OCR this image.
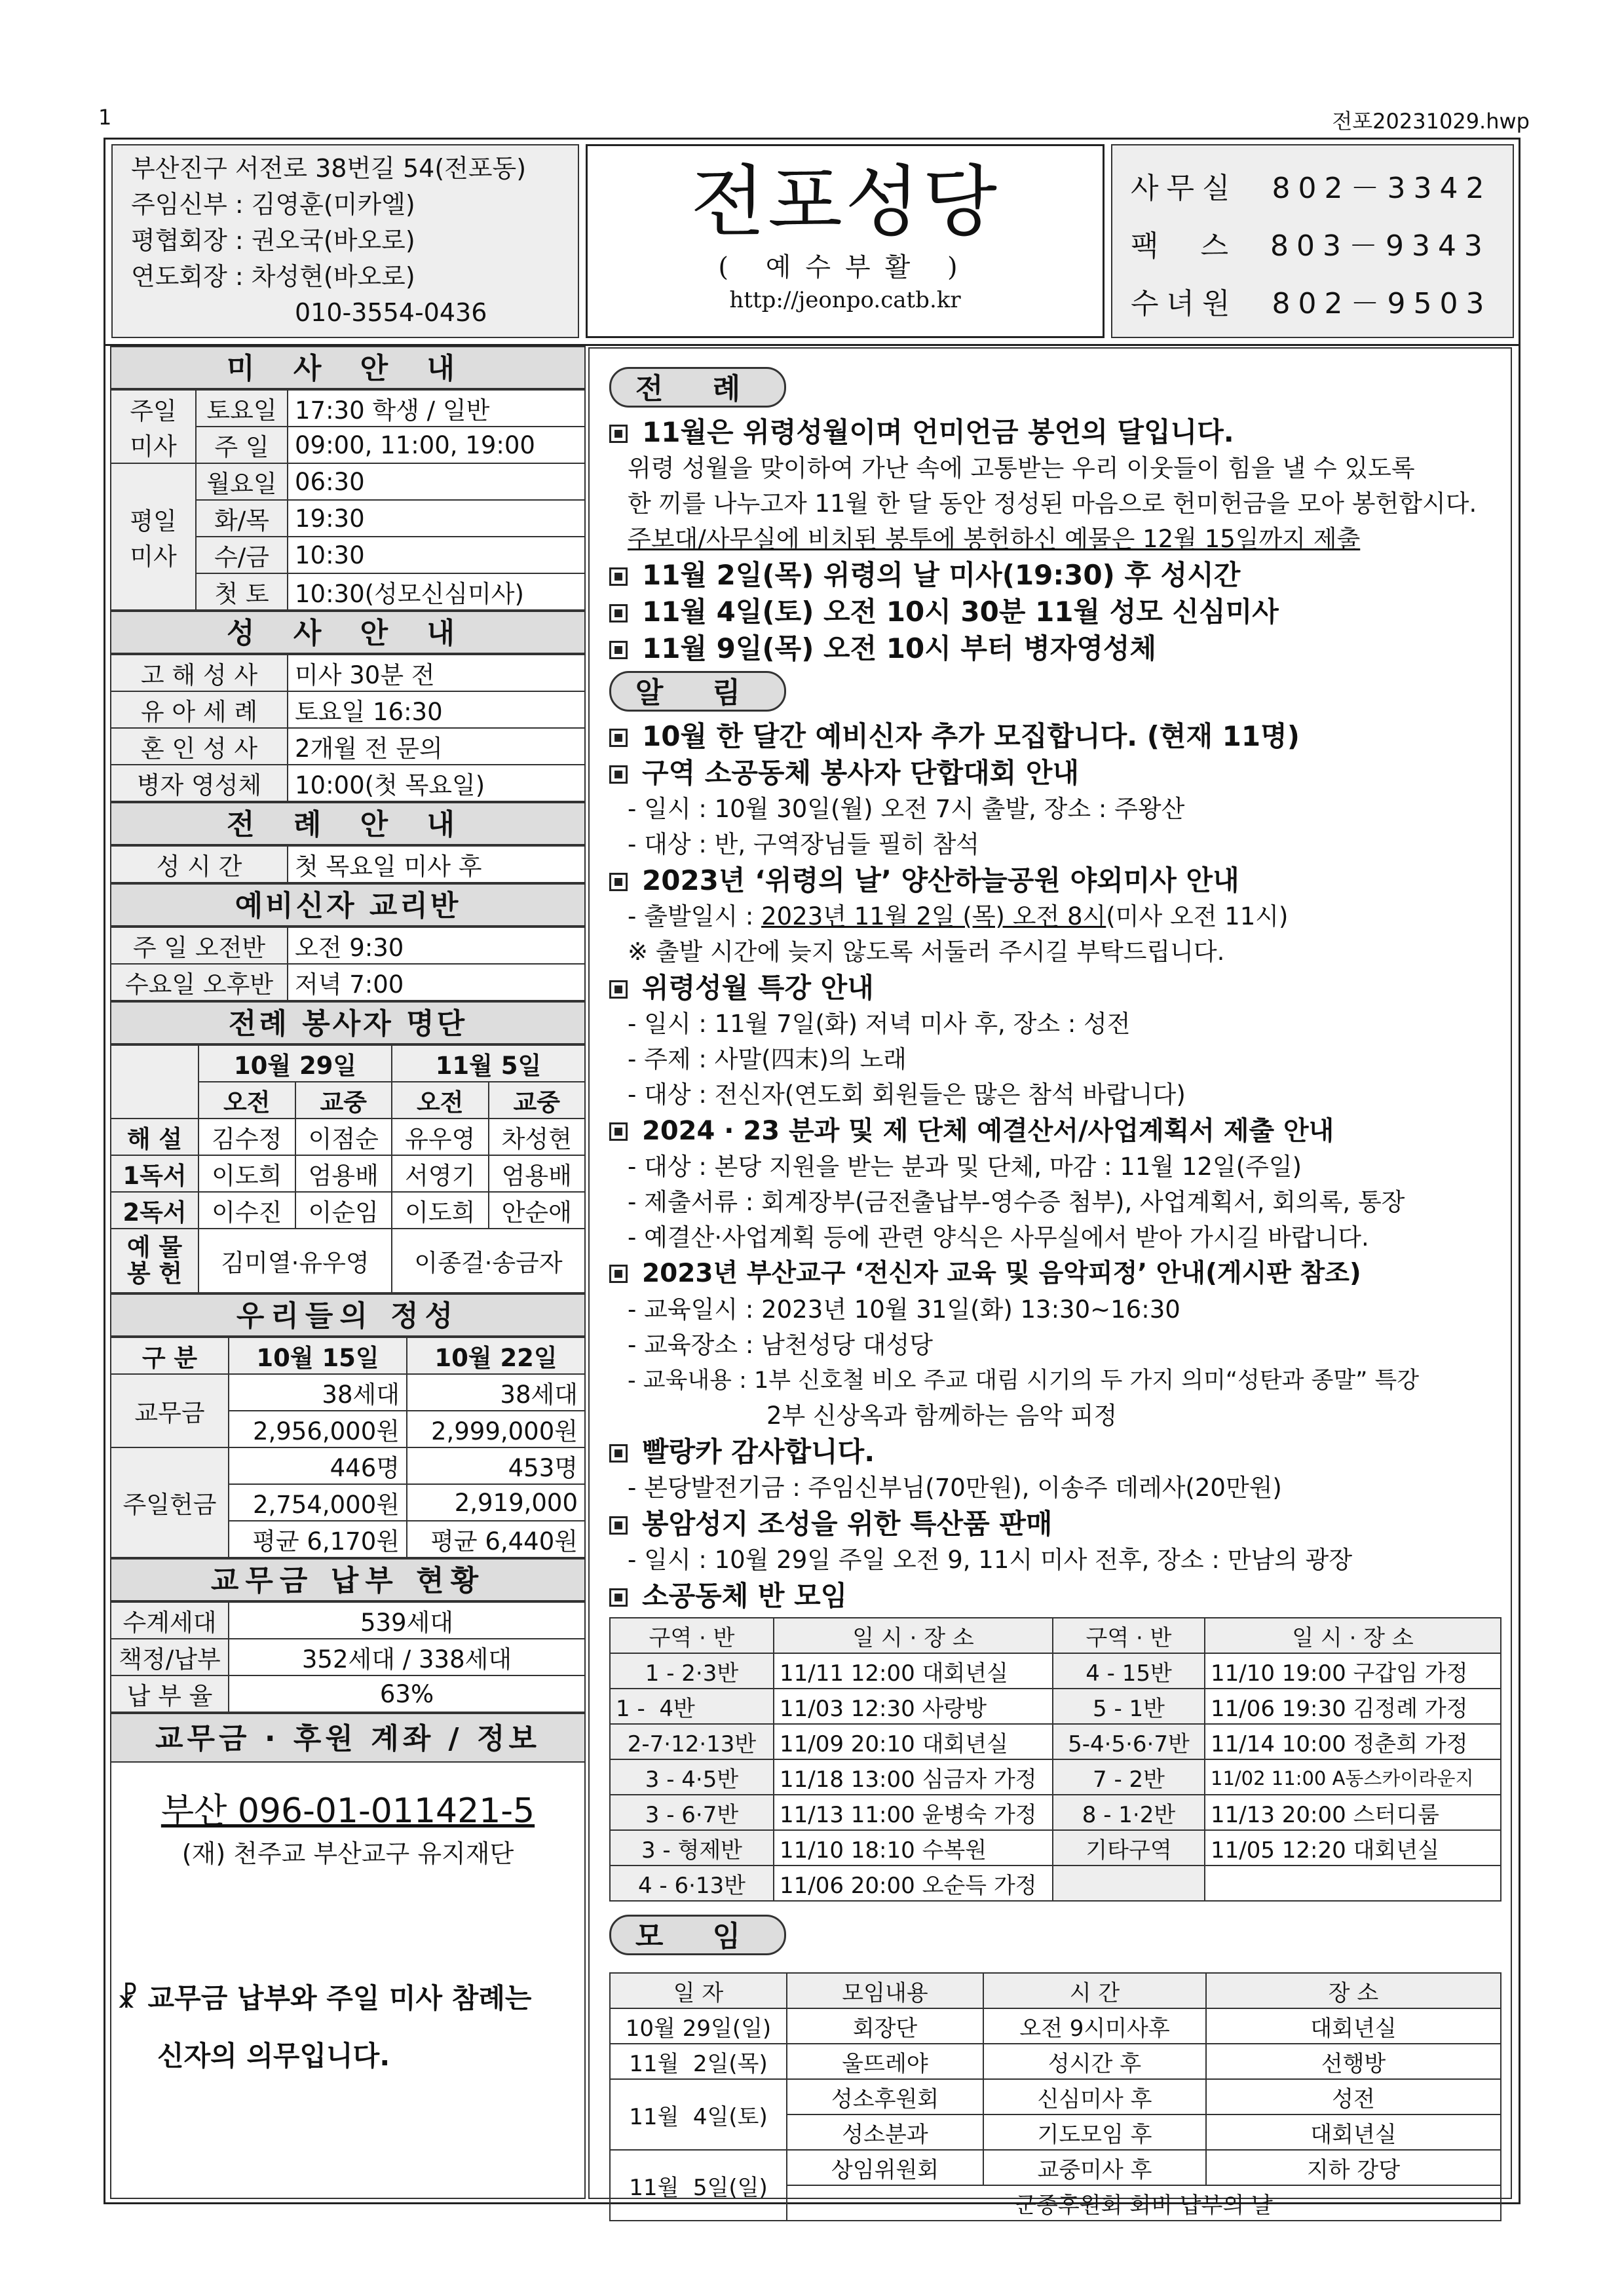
1	전포20231029.hwp
부산진구 서전로 38번길 54(전포동)
주임신부 : 김영훈(미카엘)
평협회장 : 권오국(바오로)
연도회장 : 차성현(바오로)
010-3554-0436
전포성당
( 예수부활 )
http://jeonpo.catb.kr
사무실 802－3342
팩  스 803－9343
수녀원 802－9503
미 사 안 내
주일
미사	토요일	17:30 학생 / 일반
	주 일	09:00, 11:00, 19:00

평일
미사	월요일	06:30
	화/목	19:30
	수/금	10:30
	첫 토	10:30(성모신심미사)
성 사 안 내
고 해 성 사	미사 30분 전
유 아 세 례	토요일 16:30
혼 인 성 사	2개월 전 문의
병자 영성체	10:00(첫 목요일)
전 례 안 내
성 시 간	첫 목요일 미사 후
예비신자 교리반
주 일 오전반	오전 9:30
수요일 오후반	저녁 7:00
전례 봉사자 명단
	10월 29일		11월 5일	
	오전	교중	오전	교중
해 설	김수정	이점순	유우영	차성현
1독서	이도희	엄용배	서영기	엄용배
2독서	이수진	이순임	이도희	안순애

예 물
봉 헌	김미열·유우영		이종걸·송금자	
우리들의 정성
구 분	10월 15일	10월 22일
교무금	38세대	38세대
	2,956,000원	2,999,000원
주일헌금	446명	453명
	2,754,000원	2,919,000
	평균 6,170원	평균 6,440원
교무금 납부 현황
수계세대	539세대
책정/납부	352세대 / 338세대
납 부 율	63%
교무금 · 후원 계좌 / 정보
부산 096-01-011421-5
(재) 천주교 부산교구 유지재단
☧ 교무금 납부와 주일 미사 참례는
신자의 의무입니다.
전 례
11월은 위령성월이며 언미언금 봉언의 달입니다.
위령 성월을 맞이하여 가난 속에 고통받는 우리 이웃들이 힘을 낼 수 있도록
한 끼를 나누고자 11월 한 달 동안 정성된 마음으로 헌미헌금을 모아 봉헌합시다.
주보대/사무실에 비치된 봉투에 봉헌하신 예물은 12월 15일까지 제출
11월 2일(목) 위령의 날 미사(19:30) 후 성시간
11월 4일(토) 오전 10시 30분 11월 성모 신심미사
11월 9일(목) 오전 10시 부터 병자영성체
알 림
10월 한 달간 예비신자 추가 모집합니다. (현재 11명)
구역 소공동체 봉사자 단합대회 안내
- 일시 : 10월 30일(월) 오전 7시 출발, 장소 : 주왕산
- 대상 : 반, 구역장님들 필히 참석
2023년 ‘위령의 날’ 양산하늘공원 야외미사 안내
- 출발일시 : 2023년 11월 2일 (목) 오전 8시(미사 오전 11시)
※ 출발 시간에 늦지 않도록 서둘러 주시길 부탁드립니다.
위령성월 특강 안내
- 일시 : 11월 7일(화) 저녁 미사 후, 장소 : 성전
- 주제 : 사말(四末)의 노래
- 대상 : 전신자(연도회 회원들은 많은 참석 바랍니다)
2024 · 23 분과 및 제 단체 예결산서/사업계획서 제출 안내
- 대상 : 본당 지원을 받는 분과 및 단체, 마감 : 11월 12일(주일)
- 제출서류 : 회계장부(금전출납부-영수증 첨부), 사업계획서, 회의록, 통장
- 예결산·사업계획 등에 관련 양식은 사무실에서 받아 가시길 바랍니다.
2023년 부산교구 ‘전신자 교육 및 음악피정’ 안내(게시판 참조)
- 교육일시 : 2023년 10월 31일(화) 13:30~16:30
- 교육장소 : 남천성당 대성당
- 교육내용 : 1부 신호철 비오 주교 대림 시기의 두 가지 의미“성탄과 종말” 특강
2부 신상옥과 함께하는 음악 피정
빨랑카 감사합니다.
- 본당발전기금 : 주임신부님(70만원), 이송주 데레사(20만원)
봉암성지 조성을 위한 특산품 판매
- 일시 : 10월 29일 주일 오전 9, 11시 미사 전후, 장소 : 만남의 광장
소공동체 반 모임
구역 · 반	일 시 · 장 소	구역 · 반	일 시 · 장 소
1 - 2·3반	11/11 12:00 대회년실	4 - 15반	11/10 19:00 구갑임 가정
1 -  4반	11/03 12:30 사랑방	5 - 1반	11/06 19:30 김정례 가정
2-7·12·13반	11/09 20:10 대회년실	5-4·5·6·7반	11/14 10:00 정춘희 가정
3 - 4·5반	11/18 13:00 심금자 가정	7 - 2반	11/02 11:00 A동스카이라운지
3 - 6·7반	11/13 11:00 윤병숙 가정	8 - 1·2반	11/13 20:00 스터디룸
3 - 형제반	11/10 18:10 수복원	기타구역	11/05 12:20 대회년실
4 - 6·13반	11/06 20:00 오순득 가정		
모 임
일 자	모임내용	시 간	장 소
10월 29일(일)	회장단	오전 9시미사후	대회년실
11월  2일(목)	울뜨레야	성시간 후	선행방
11월  4일(토)	성소후원회	신심미사 후	성전
	성소분과	기도모임 후	대회년실
11월  5일(일)	상임위원회	교중미사 후	지하 강당
	군종후원회 회비 납부의 날		
